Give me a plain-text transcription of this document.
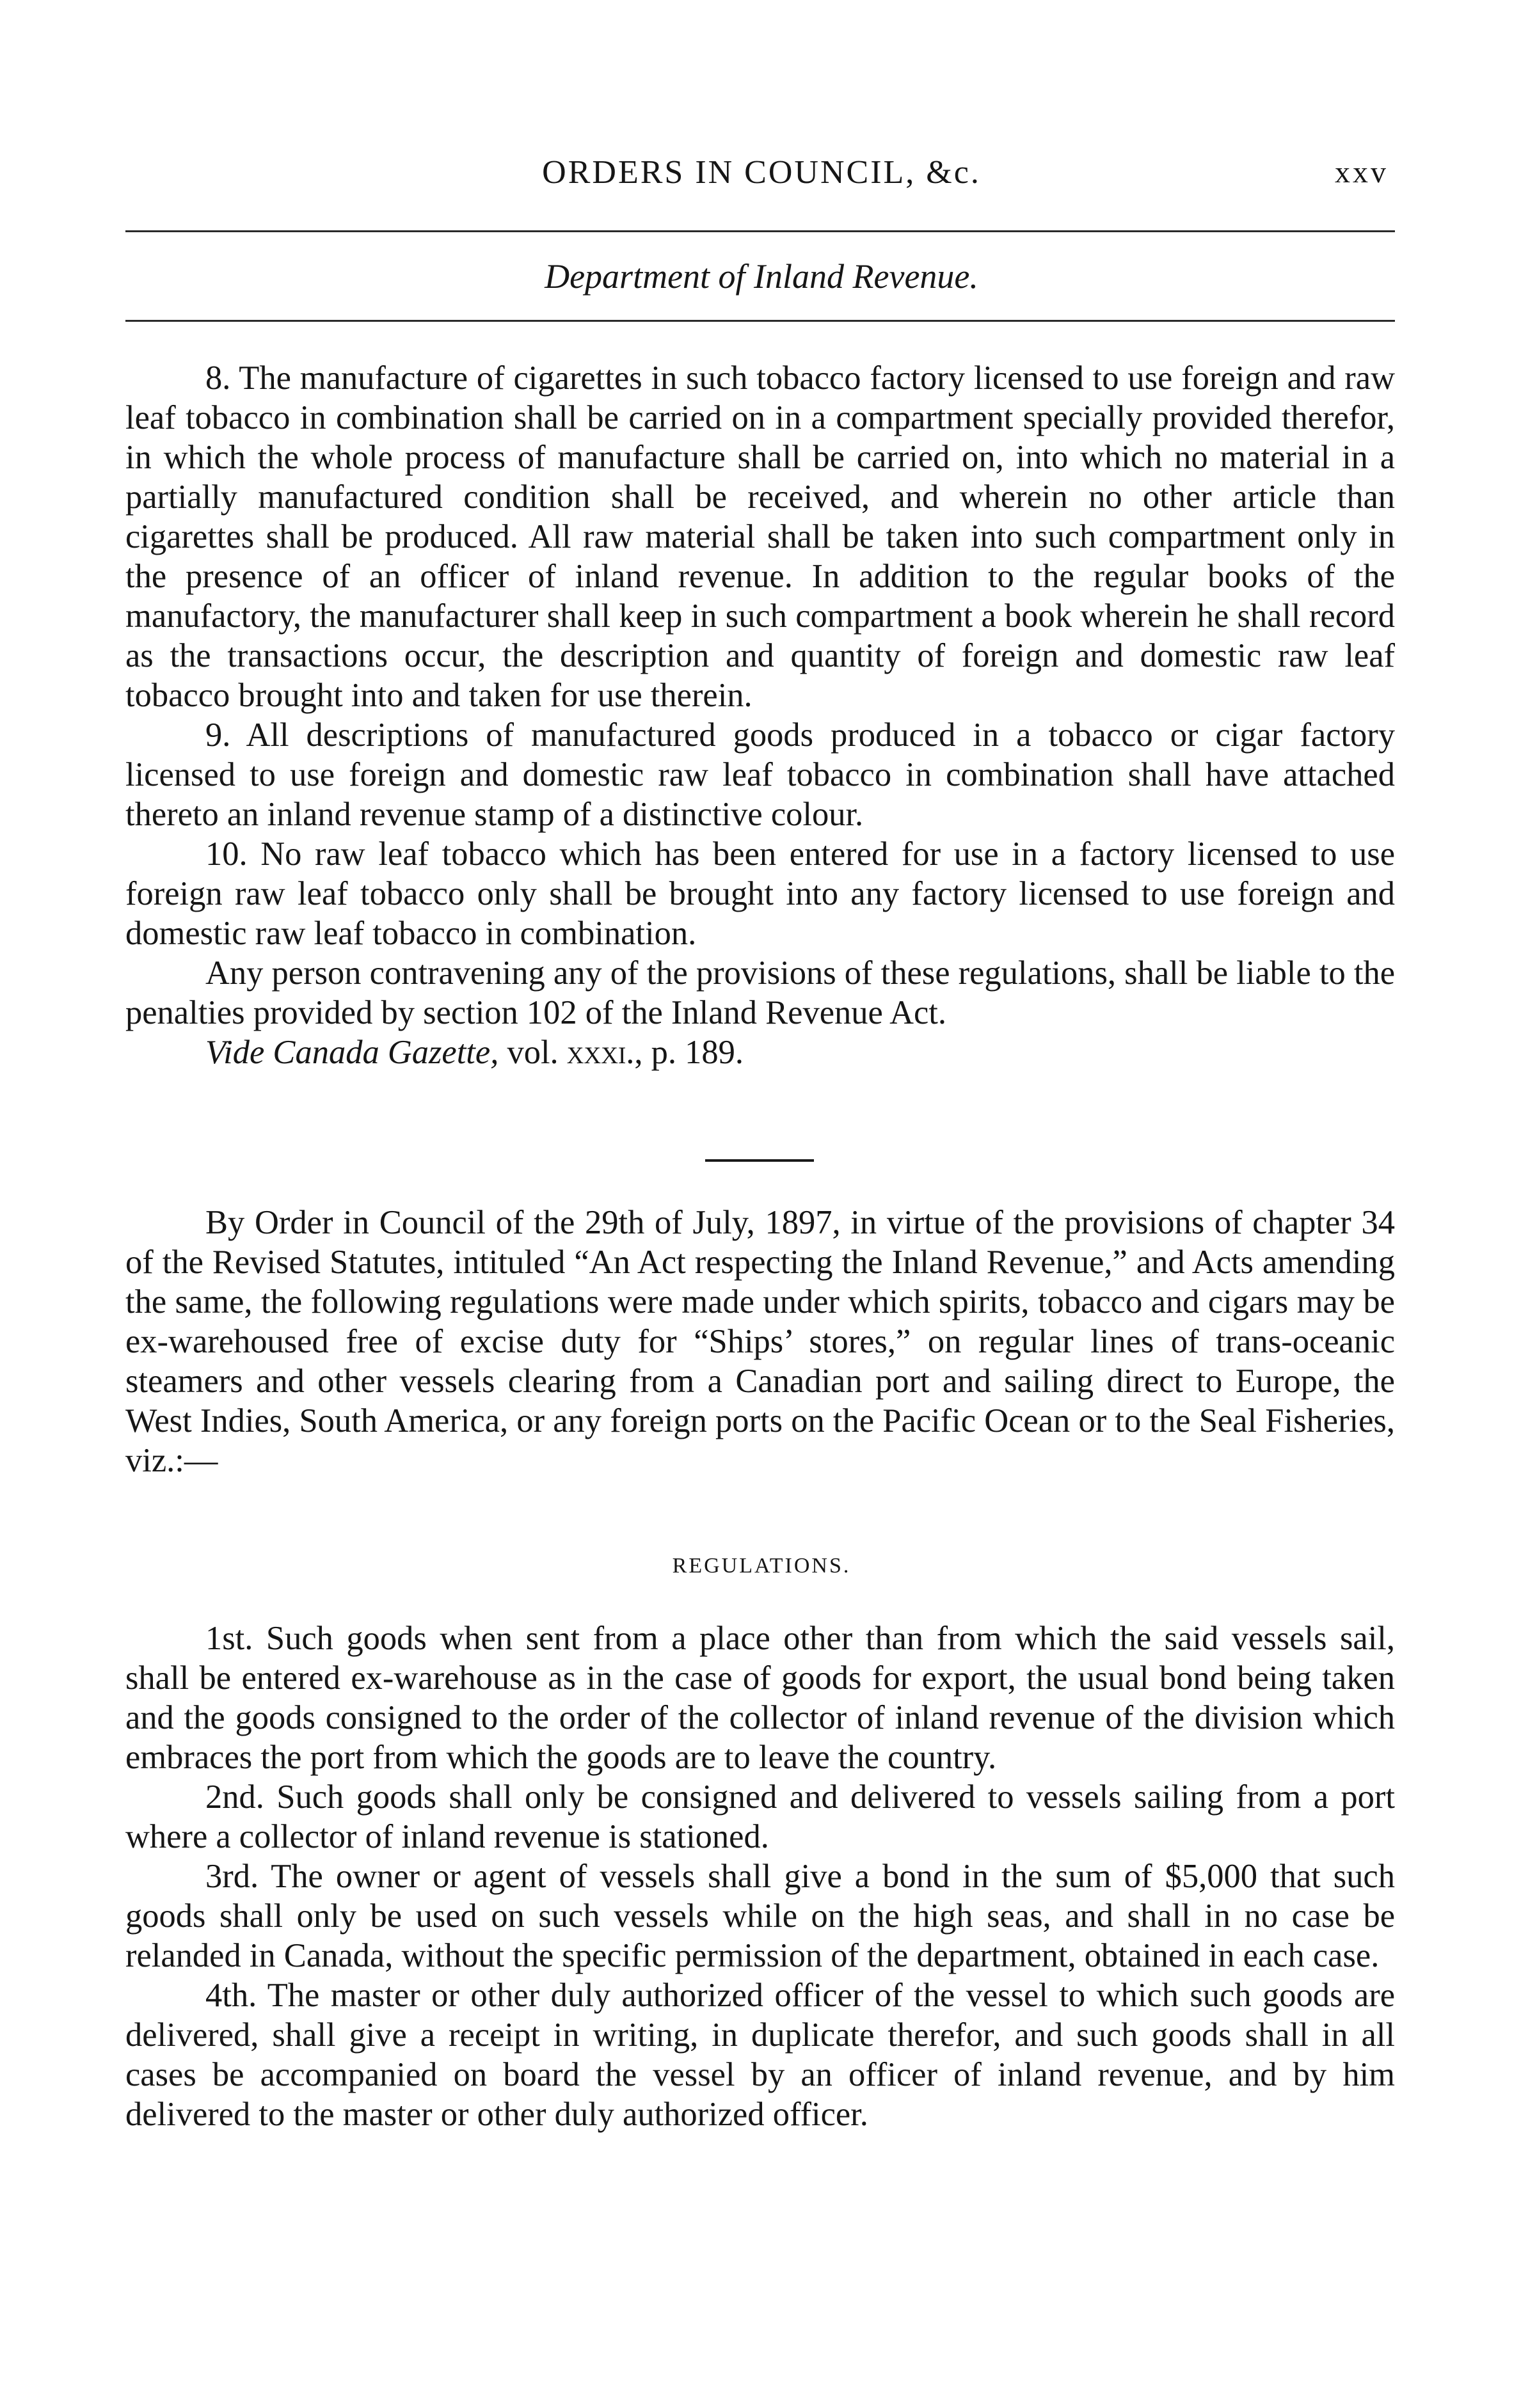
ORDERS IN COUNCIL, &c.	xxv
Department of Inland Revenue.

8. The manufacture of cigarettes in such tobacco factory licensed to use foreign and raw leaf tobacco in combination shall be carried on in a compartment specially provided therefor, in which the whole process of manufacture shall be carried on, into which no material in a partially manufactured condition shall be received, and wherein no other article than cigarettes shall be produced. All raw material shall be taken into such compartment only in the presence of an officer of inland revenue. In addition to the regular books of the manufactory, the manufacturer shall keep in such compartment a book wherein he shall record as the transactions occur, the description and quantity of foreign and domestic raw leaf tobacco brought into and taken for use therein.

9. All descriptions of manufactured goods produced in a tobacco or cigar factory licensed to use foreign and domestic raw leaf tobacco in combination shall have attached thereto an inland revenue stamp of a distinctive colour.

10. No raw leaf tobacco which has been entered for use in a factory licensed to use foreign raw leaf tobacco only shall be brought into any factory licensed to use foreign and domestic raw leaf tobacco in combination.

Any person contravening any of the provisions of these regulations, shall be liable to the penalties provided by section 102 of the Inland Revenue Act.

Vide Canada Gazette, vol. xxxi., p. 189.

By Order in Council of the 29th of July, 1897, in virtue of the provisions of chapter 34 of the Revised Statutes, intituled “An Act respecting the Inland Revenue,” and Acts amending the same, the following regulations were made under which spirits, tobacco and cigars may be ex-warehoused free of excise duty for “Ships’ stores,” on regular lines of trans-oceanic steamers and other vessels clearing from a Canadian port and sailing direct to Europe, the West Indies, South America, or any foreign ports on the Pacific Ocean or to the Seal Fisheries, viz.:—

REGULATIONS.

1st. Such goods when sent from a place other than from which the said vessels sail, shall be entered ex-warehouse as in the case of goods for export, the usual bond being taken and the goods consigned to the order of the collector of inland revenue of the division which embraces the port from which the goods are to leave the country.

2nd. Such goods shall only be consigned and delivered to vessels sailing from a port where a collector of inland revenue is stationed.

3rd. The owner or agent of vessels shall give a bond in the sum of $5,000 that such goods shall only be used on such vessels while on the high seas, and shall in no case be relanded in Canada, without the specific permission of the department, obtained in each case.

4th. The master or other duly authorized officer of the vessel to which such goods are delivered, shall give a receipt in writing, in duplicate therefor, and such goods shall in all cases be accompanied on board the vessel by an officer of inland revenue, and by him delivered to the master or other duly authorized officer.
